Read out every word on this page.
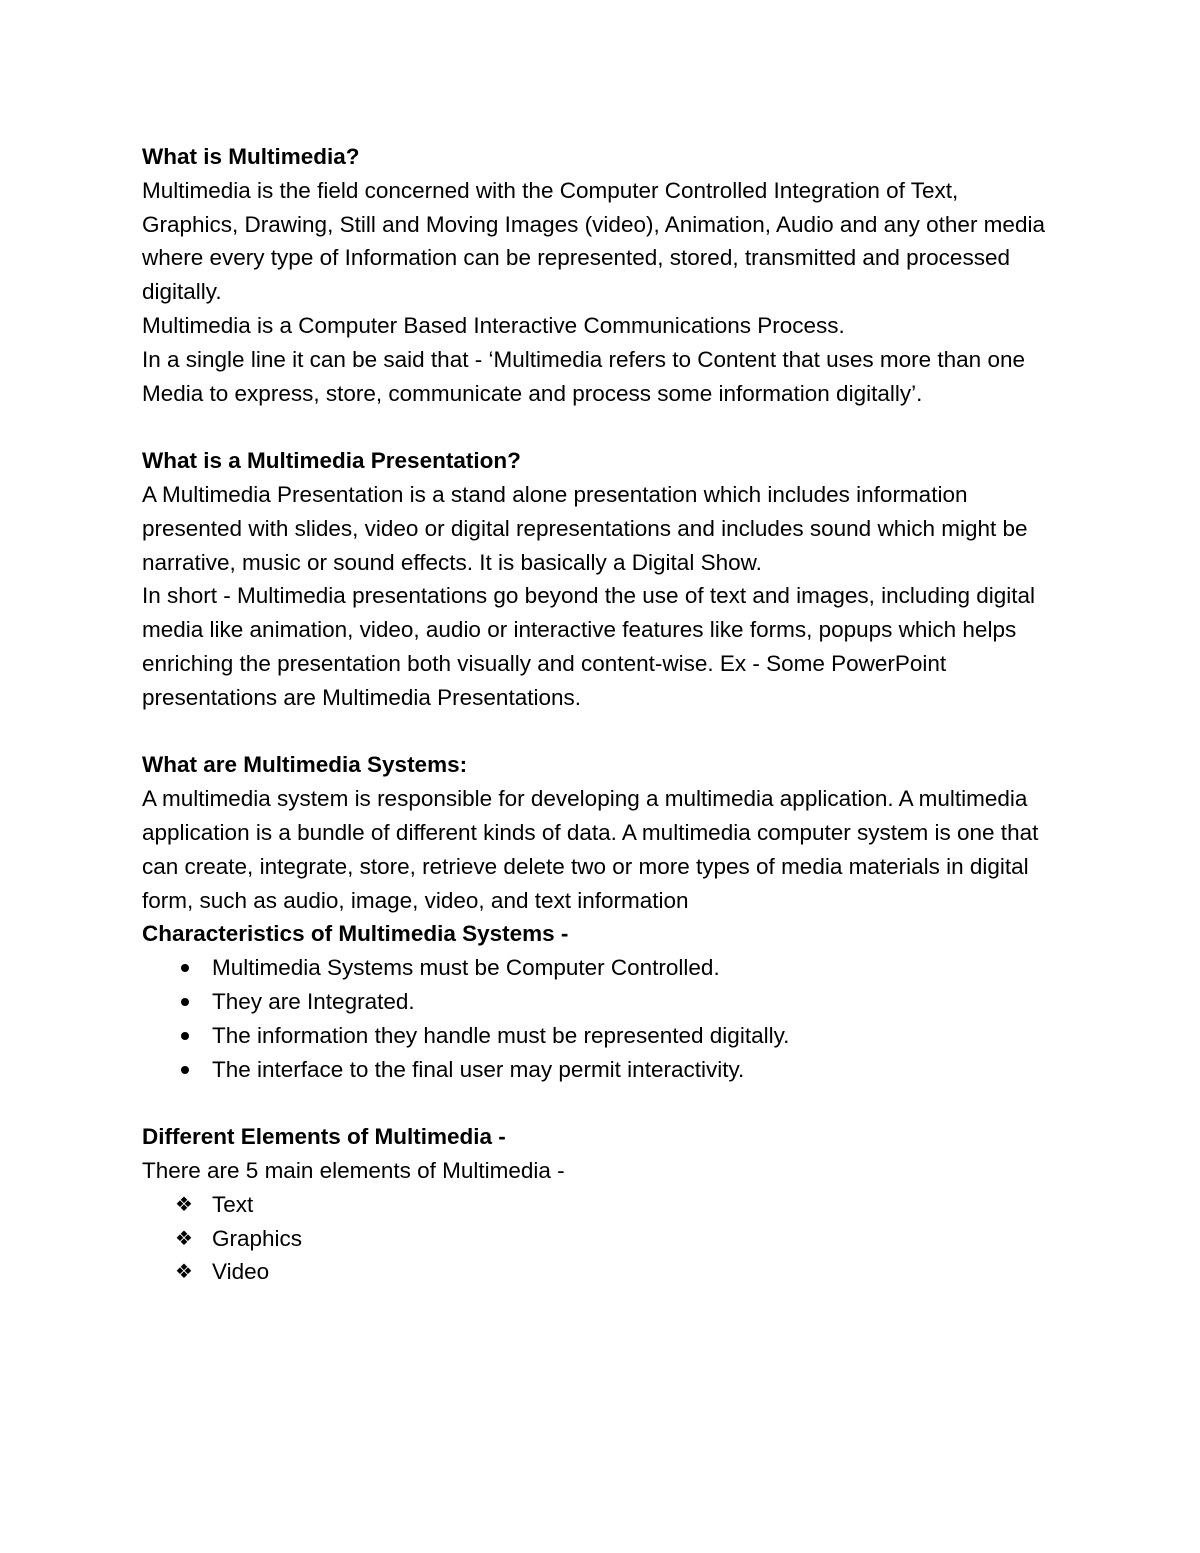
What is Multimedia?

Multimedia is the field concerned with the Computer Controlled Integration of Text, Graphics, Drawing, Still and Moving Images (video), Animation, Audio and any other media where every type of Information can be represented, stored, transmitted and processed digitally.

Multimedia is a Computer Based Interactive Communications Process.

In a single line it can be said that - ‘Multimedia refers to Content that uses more than one Media to express, store, communicate and process some information digitally’.

What is a Multimedia Presentation?

A Multimedia Presentation is a stand alone presentation which includes information presented with slides, video or digital representations and includes sound which might be narrative, music or sound effects. It is basically a Digital Show.

In short - Multimedia presentations go beyond the use of text and images, including digital media like animation, video, audio or interactive features like forms, popups which helps enriching the presentation both visually and content-wise. Ex - Some PowerPoint presentations are Multimedia Presentations.

What are Multimedia Systems:

A multimedia system is responsible for developing a multimedia application. A multimedia application is a bundle of different kinds of data. A multimedia computer system is one that can create, integrate, store, retrieve delete two or more types of media materials in digital form, such as audio, image, video, and text information

Characteristics of Multimedia Systems -

Multimedia Systems must be Computer Controlled.
They are Integrated.
The information they handle must be represented digitally.
The interface to the final user may permit interactivity.

Different Elements of Multimedia -

There are 5 main elements of Multimedia -

❖ Text
❖ Graphics
❖ Video
